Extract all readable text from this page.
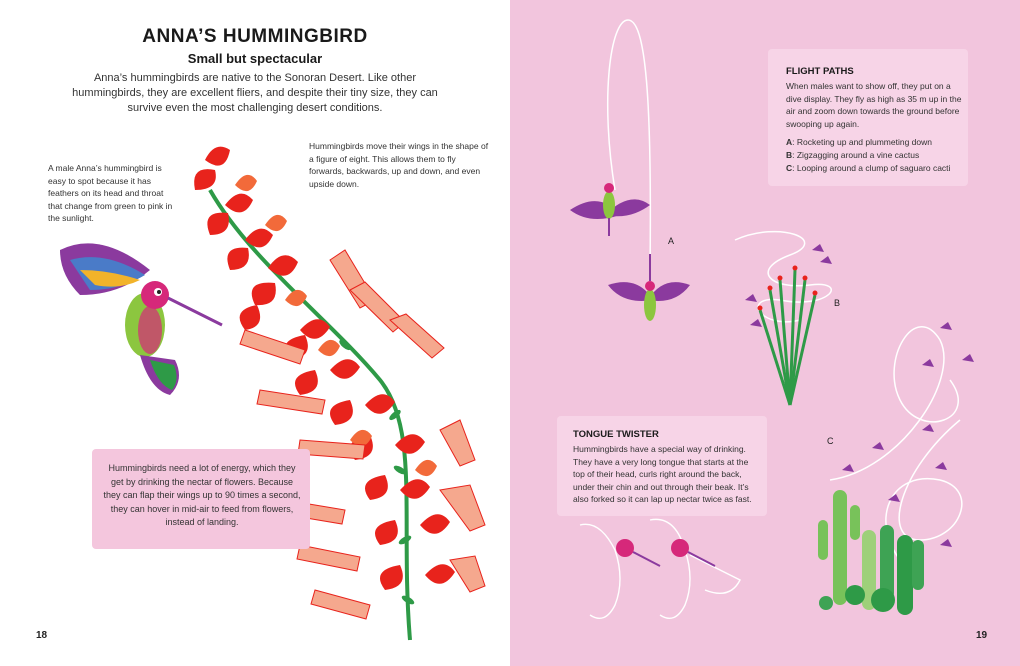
ANNA’S HUMMINGBIRD
Small but spectacular

Anna’s hummingbirds are native to the Sonoran Desert. Like other hummingbirds, they are excellent fliers, and despite their tiny size, they can survive even the most challenging desert conditions.

A male Anna’s hummingbird is easy to spot because it has feathers on its head and throat that change from green to pink in the sunlight.

Hummingbirds move their wings in the shape of a figure of eight. This allows them to fly forwards, backwards, up and down, and even upside down.

Hummingbirds need a lot of energy, which they get by drinking the nectar of flowers. Because they can flap their wings up to 90 times a second, they can hover in mid-air to feed from flowers, instead of landing.

18

FLIGHT PATHS

When males want to show off, they put on a dive display. They fly as high as 35 m up in the air and zoom down towards the ground before swooping up again.

A: Rocketing up and plummeting down
B: Zigzagging around a vine cactus
C: Looping around a clump of saguaro cacti

TONGUE TWISTER

Hummingbirds have a special way of drinking. They have a very long tongue that starts at the top of their head, curls right around the back, under their chin and out through their beak. It’s also forked so it can lap up nectar twice as fast.

A
B
C
19
